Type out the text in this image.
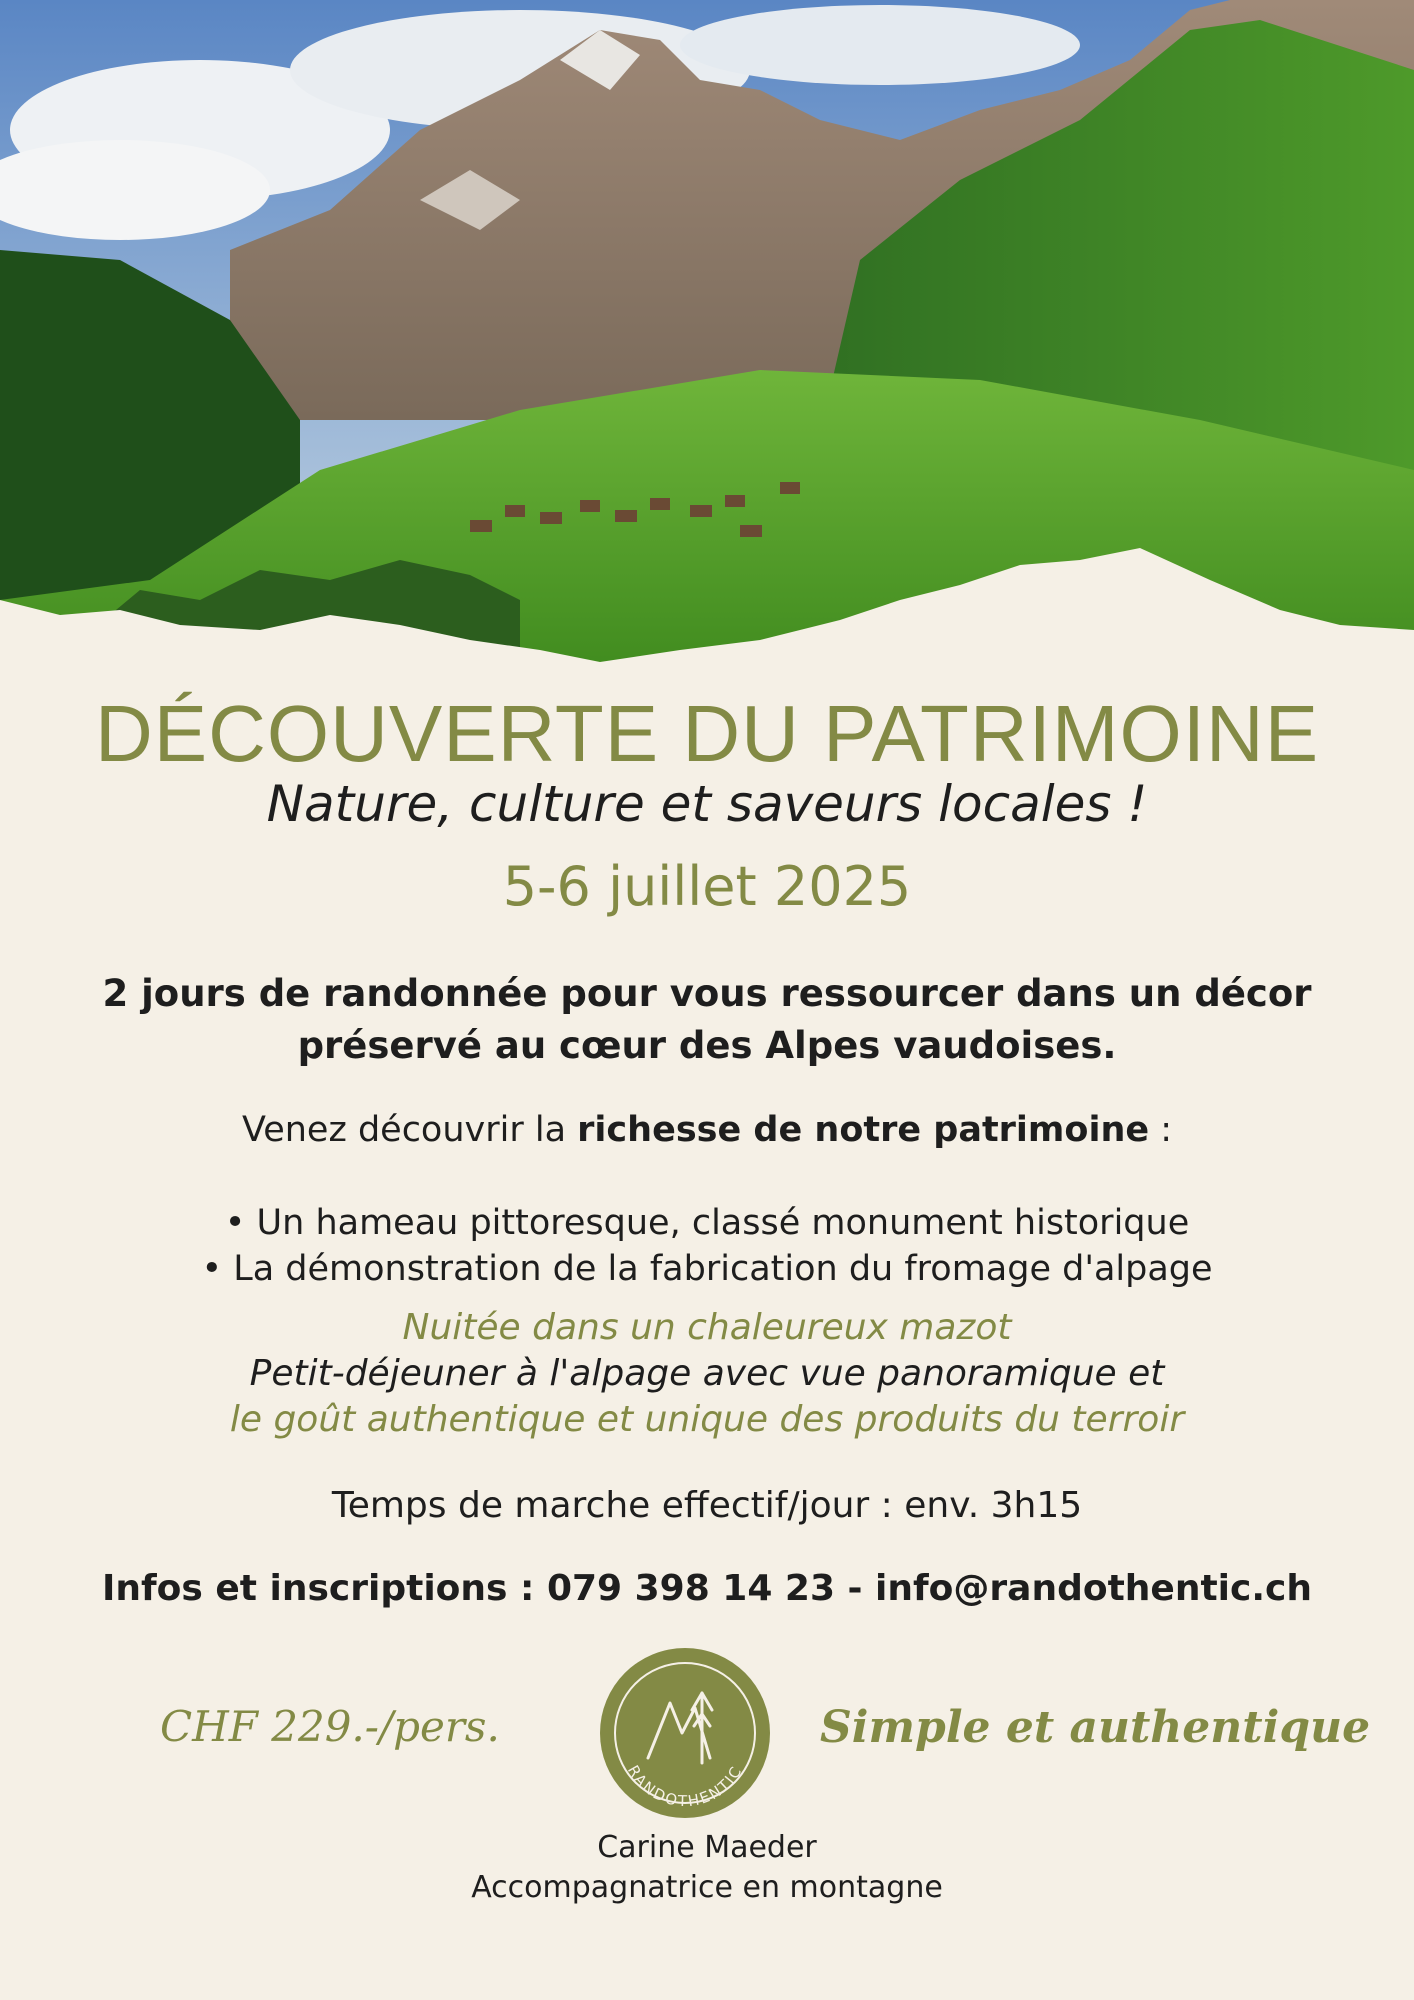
DÉCOUVERTE DU PATRIMOINE
Nature, culture et saveurs locales !
5-6 juillet 2025
2 jours de randonnée pour vous ressourcer dans un décor
préservé au cœur des Alpes vaudoises.
Venez découvrir la richesse de notre patrimoine :
• Un hameau pittoresque, classé monument historique
• La démonstration de la fabrication du fromage d'alpage
Nuitée dans un chaleureux mazot
Petit-déjeuner à l'alpage avec vue panoramique et
le goût authentique et unique des produits du terroir
Temps de marche effectif/jour : env. 3h15
Infos et inscriptions : 079 398 14 23 - info@randothentic.ch
CHF 229.-/pers.	Simple et authentique
RANDOTHENTIC
Carine Maeder
Accompagnatrice en montagne
